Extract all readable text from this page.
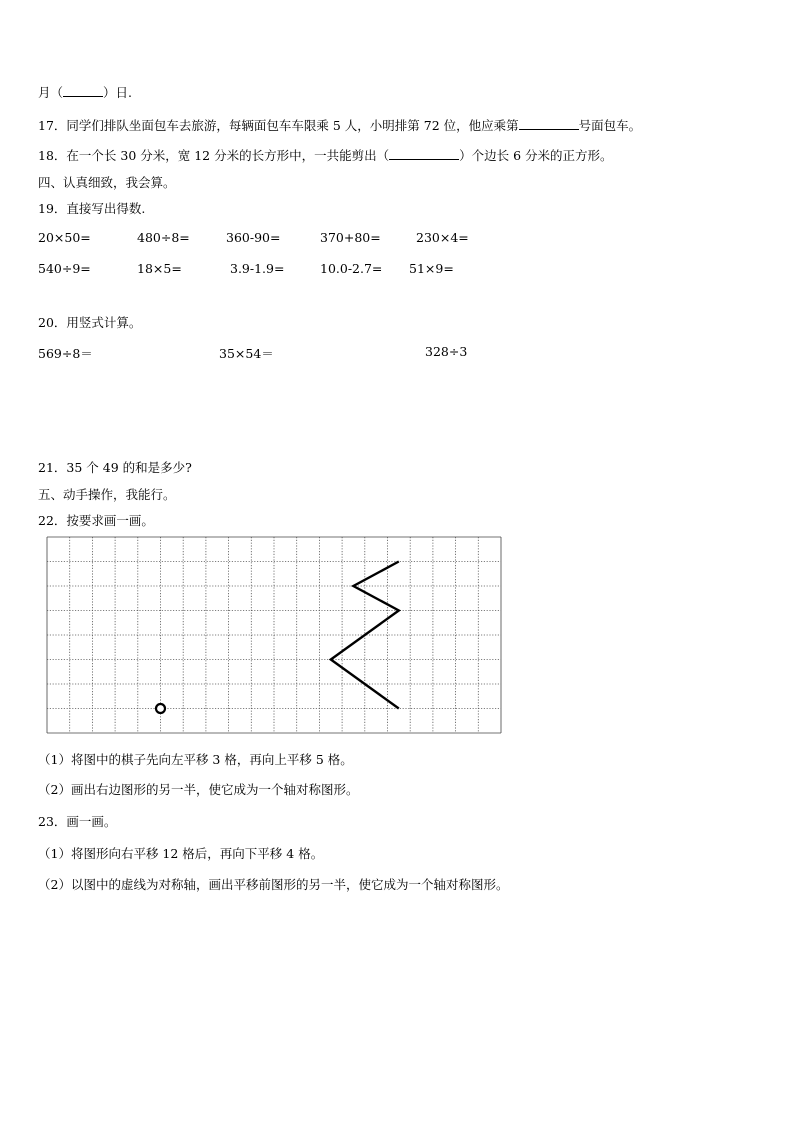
月（	）日.
17．同学们排队坐面包车去旅游，每辆面包车车限乘 5 人，小明排第 72 位，他应乘第	号面包车。
18．在一个长 30 分米，宽 12 分米的长方形中，一共能剪出（	）个边长 6 分米的正方形。
四、认真细致，我会算。
19．直接写出得数.
20×50=	480÷8=	360-90=	370+80=	230×4=
540÷9=	18×5=	3.9-1.9=	10.0-2.7= 51×9=
20．用竖式计算。
569÷8＝	35×54＝	328÷3
21．35 个 49 的和是多少?
五、动手操作，我能行。
22．按要求画一画。
（1）将图中的棋子先向左平移 3 格，再向上平移 5 格。
（2）画出右边图形的另一半，使它成为一个轴对称图形。
23．画一画。
（1）将图形向右平移 12 格后，再向下平移 4 格。
（2）以图中的虚线为对称轴，画出平移前图形的另一半，使它成为一个轴对称图形。
